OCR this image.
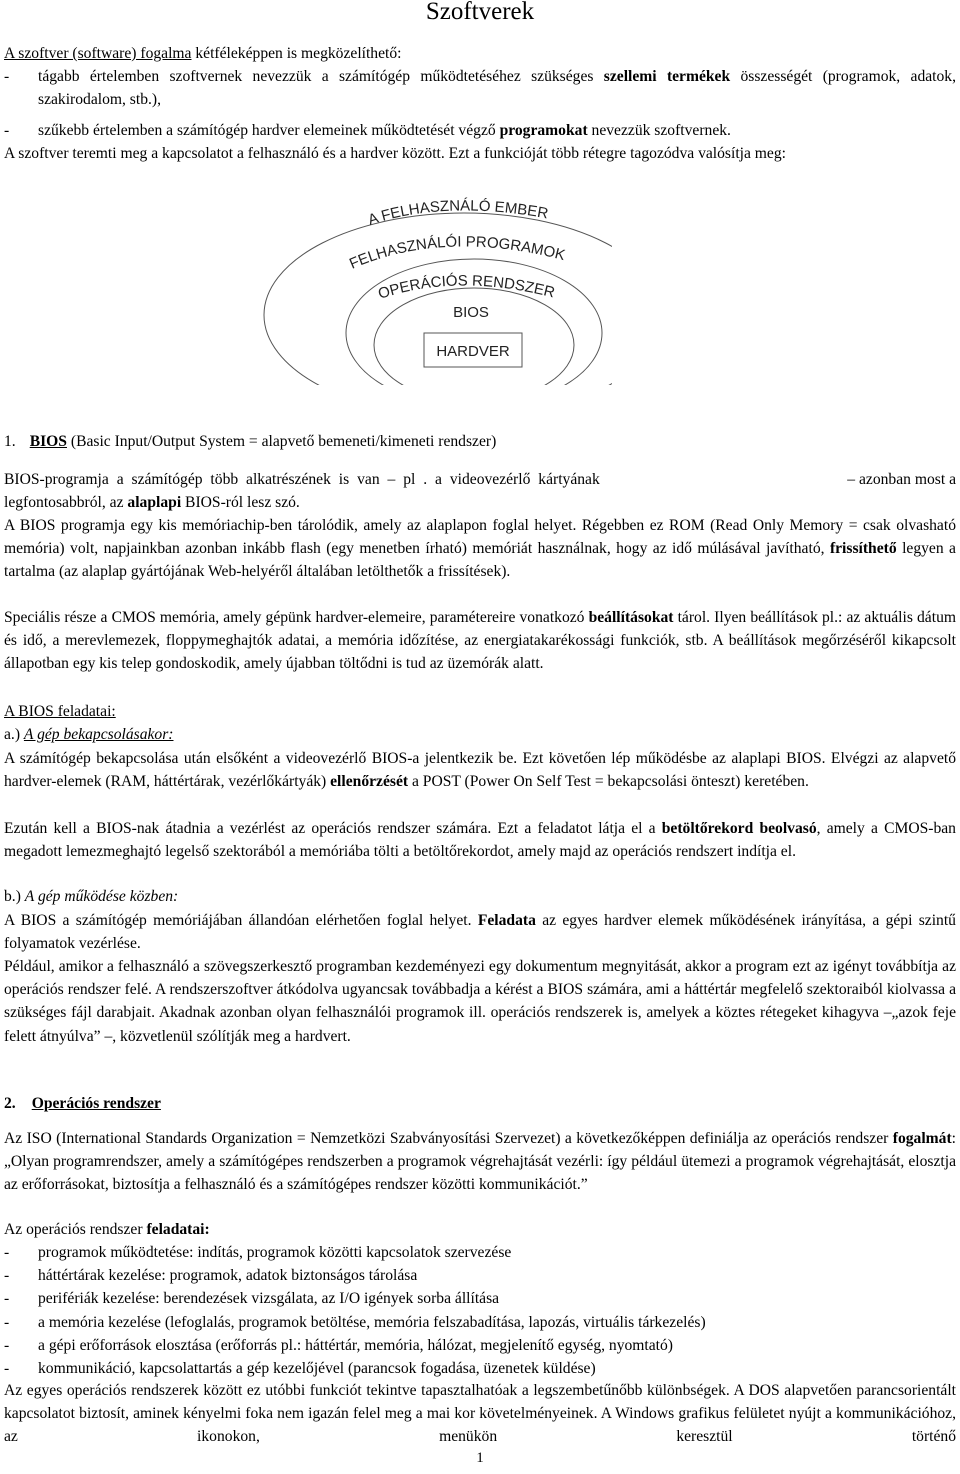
Szoftverek
A szoftver (software) fogalma kétféleképpen is megközelíthető:
-	tágabb értelemben szoftvernek nevezzük a számítógép működtetéséhez szükséges szellemi termékek összességét (programok, adatok, szakirodalom, stb.),
-	szűkebb értelemben a számítógép hardver elemeinek működtetését végző programokat nevezzük szoftvernek.
A szoftver teremti meg a kapcsolatot a felhasználó és a hardver között. Ezt a funkcióját több rétegre tagozódva valósítja meg:
A FELHASZNÁLÓ EMBER
FELHASZNÁLÓI PROGRAMOK
OPERÁCIÓS RENDSZER
BIOS
HARDVER
1. BIOS (Basic Input/Output System = alapvető bemeneti/kimeneti rendszer)
BIOS-programja a számítógép több alkatrészének is van – pl . a videovezérlő kártyának	– azonban most a
legfontosabbról, az alaplapi BIOS-ról lesz szó.
A BIOS programja egy kis memóriachip-ben tárolódik, amely az alaplapon foglal helyet. Régebben ez ROM (Read Only Memory = csak olvasható memória) volt, napjainkban azonban inkább flash (egy menetben írható) memóriát használnak, hogy az idő múlásával javítható, frissíthető legyen a tartalma (az alaplap gyártójának Web-helyéről általában letölthetők a frissítések).
Speciális része a CMOS memória, amely gépünk hardver-elemeire, paramétereire vonatkozó beállításokat tárol. Ilyen beállítások pl.: az aktuális dátum és idő, a merevlemezek, floppymeghajtók adatai, a memória időzítése, az energiatakarékossági funkciók, stb. A beállítások megőrzéséről kikapcsolt állapotban egy kis telep gondoskodik, amely újabban töltődni is tud az üzemórák alatt.
A BIOS feladatai:
a.) A gép bekapcsolásakor:
A számítógép bekapcsolása után elsőként a videovezérlő BIOS-a jelentkezik be. Ezt követően lép működésbe az alaplapi BIOS. Elvégzi az alapvető hardver-elemek (RAM, háttértárak, vezérlőkártyák) ellenőrzését a POST (Power On Self Test = bekapcsolási önteszt) keretében.
Ezután kell a BIOS-nak átadnia a vezérlést az operációs rendszer számára. Ezt a feladatot látja el a betöltőrekord beolvasó, amely a CMOS-ban megadott lemezmeghajtó legelső szektorából a memóriába tölti a betöltőrekordot, amely majd az operációs rendszert indítja el.
b.) A gép működése közben:
A BIOS a számítógép memóriájában állandóan elérhetően foglal helyet. Feladata az egyes hardver elemek működésének irányítása, a gépi szintű folyamatok vezérlése.
Például, amikor a felhasználó a szövegszerkesztő programban kezdeményezi egy dokumentum megnyitását, akkor a program ezt az igényt továbbítja az operációs rendszer felé. A rendszerszoftver átkódolva ugyancsak továbbadja a kérést a BIOS számára, ami a háttértár megfelelő szektoraiból kiolvassa a szükséges fájl darabjait. Akadnak azonban olyan felhasználói programok ill. operációs rendszerek is, amelyek a köztes rétegeket kihagyva –„azok feje felett átnyúlva” –, közvetlenül szólítják meg a hardvert.
2. Operációs rendszer
Az ISO (International Standards Organization = Nemzetközi Szabványosítási Szervezet) a következőképpen definiálja az operációs rendszer fogalmát: „Olyan programrendszer, amely a számítógépes rendszerben a programok végrehajtását vezérli: így például ütemezi a programok végrehajtását, elosztja az erőforrásokat, biztosítja a felhasználó és a számítógépes rendszer közötti kommunikációt.”
Az operációs rendszer feladatai:
-	programok működtetése: indítás, programok közötti kapcsolatok szervezése
-	háttértárak kezelése: programok, adatok biztonságos tárolása
-	perifériák kezelése: berendezések vizsgálata, az I/O igények sorba állítása
-	a memória kezelése (lefoglalás, programok betöltése, memória felszabadítása, lapozás, virtuális tárkezelés)
-	a gépi erőforrások elosztása (erőforrás pl.: háttértár, memória, hálózat, megjelenítő egység, nyomtató)
-	kommunikáció, kapcsolattartás a gép kezelőjével (parancsok fogadása, üzenetek küldése)
Az egyes operációs rendszerek között ez utóbbi funkciót tekintve tapasztalhatóak a legszembetűnőbb különbségek. A DOS alapvetően parancsorientált kapcsolatot biztosít, aminek kényelmi foka nem igazán felel meg a mai kor követelményeinek. A Windows grafikus felületet nyújt a kommunikációhoz, az ikonokon, menükön keresztül történő
1
